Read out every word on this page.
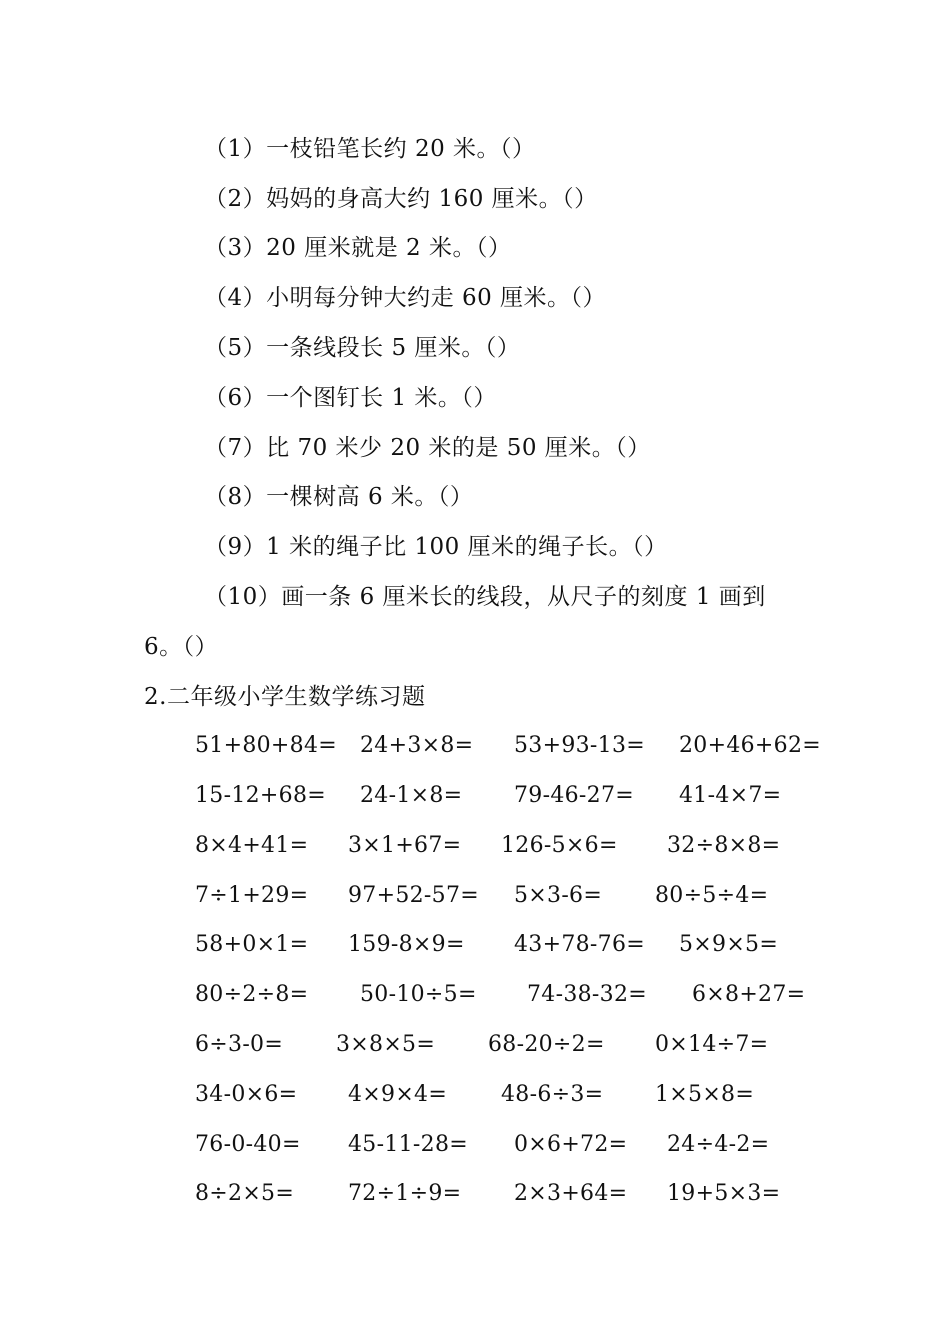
（1）一枝铅笔长约 20 米。（）
（2）妈妈的身高大约 160 厘米。（）
（3）20 厘米就是 2 米。（）
（4）小明每分钟大约走 60 厘米。（）
（5）一条线段长 5 厘米。（）
（6）一个图钉长 1 米。（）
（7）比 70 米少 20 米的是 50 厘米。（）
（8）一棵树高 6 米。（）
（9）1 米的绳子比 100 厘米的绳子长。（）
（10）画一条 6 厘米长的线段，从尺子的刻度 1 画到
6。（）
2.二年级小学生数学练习题
51+80+84= 24+3×8= 53+93-13= 20+46+62=
15-12+68= 24-1×8= 79-46-27= 41-4×7=
8×4+41= 3×1+67= 126-5×6= 32÷8×8=
7÷1+29= 97+52-57= 5×3-6= 80÷5÷4=
58+0×1= 159-8×9= 43+78-76= 5×9×5=
80÷2÷8= 50-10÷5= 74-38-32= 6×8+27=
6÷3-0= 3×8×5= 68-20÷2= 0×14÷7=
34-0×6= 4×9×4= 48-6÷3= 1×5×8=
76-0-40= 45-11-28= 0×6+72= 24÷4-2=
8÷2×5= 72÷1÷9= 2×3+64= 19+5×3=
